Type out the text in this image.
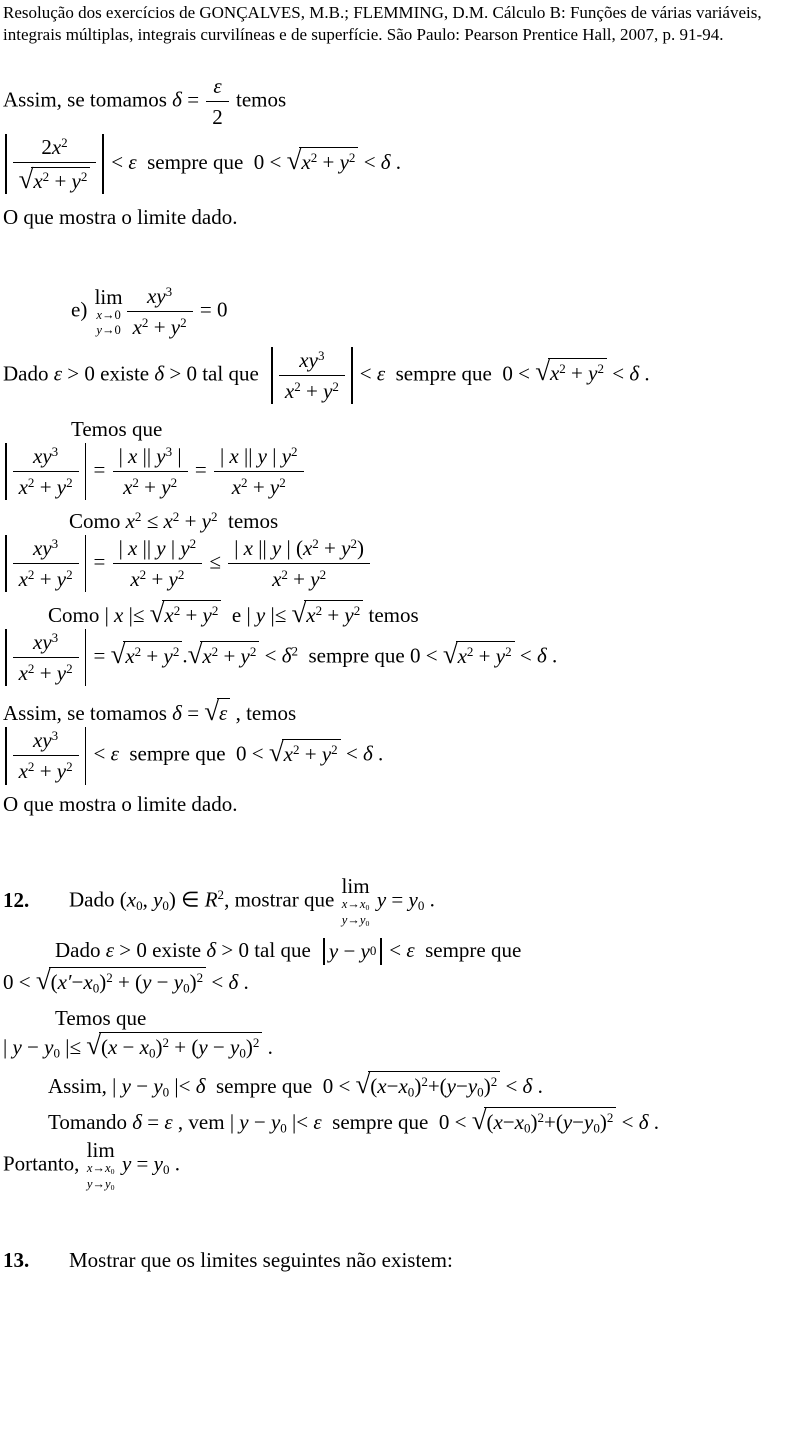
Resolução dos exercícios de GONÇALVES, M.B.; FLEMMING, D.M. Cálculo B: Funções de várias variáveis,
integrais múltiplas, integrais curvilíneas e de superfície. São Paulo: Pearson Prentice Hall, 2007, p. 91-94.

Assim, se tomamos $\delta = \frac{\varepsilon}{2}$ temos
$\frac{2x^2}{√x^2 + y^2} < \varepsilon$  sempre que  $0 < √x^2 + y^2 < \delta$ .
O que mostra o limite dado.
e)
lim
x→0
$y\to 0 \frac{xy^3}{x^2 + y^2} = 0$
Dado ε > 0 existe δ > 0 tal que $\frac{xy^3}{x^2 + y^2} < \varepsilon$  sempre que  $0 < √x^2 + y^2 < \delta$ .
Temos que
$\frac{xy^3}{x^2 + y^2} = \frac{| x || y^3 |}{x^2 + y^2} = \frac{| x || y | y^2}{x^2 + y^2}$
Como $x^2 \le x^2 + y^2$  temos
$\frac{xy^3}{x^2 + y^2} = \frac{| x || y | y^2}{x^2 + y^2} \le \frac{| x || y | (x^2 + y^2)}{x^2 + y^2}$
Como | x |≤ $√x^2 + y^2$  e | y |≤ $√x^2 + y^2$ temos
$\frac{xy^3}{x^2 + y^2} = √x^2 + y^2$ $.√x^2 + y^2 < \delta^2$  sempre que $0 < √x^2 + y^2 < \delta$ .
Assim, se tomamos δ = √ε , temos
$\frac{xy^3}{x^2 + y^2} < \varepsilon$  sempre que  $0 < √x^2 + y^2 < \delta$ .
O que mostra o limite dado.
12. Dado ($x_0$, $y_0$) ∈ $R^2$, mostrar que
lim
$x\to x_0$
$y\to y_0$
$y = y_0$ .
Dado ε > 0 existe δ > 0 tal que y − y 0 < ε  sempre que
$0 < √(x'-x_0)^2 + (y - y_0)^2 < \delta$ .
Temos que
| $y - y_0$ |≤ $√(x - x_0)^2 + (y - y_0)^2$ .
Assim, | $y - y_0$ |< δ  sempre que  $0 < √(x-x_0)^2+(y-y_0)^2 < \delta$ .
Tomando δ = ε , vem | $y - y_0$ |< ε  sempre que  $0 < √(x-x_0)^2+(y-y_0)^2 < \delta$ .
Portanto,
lim
$x\to x_0$
$y\to y_0$
$y = y_0$ .
13. Mostrar que os limites seguintes não existem:
